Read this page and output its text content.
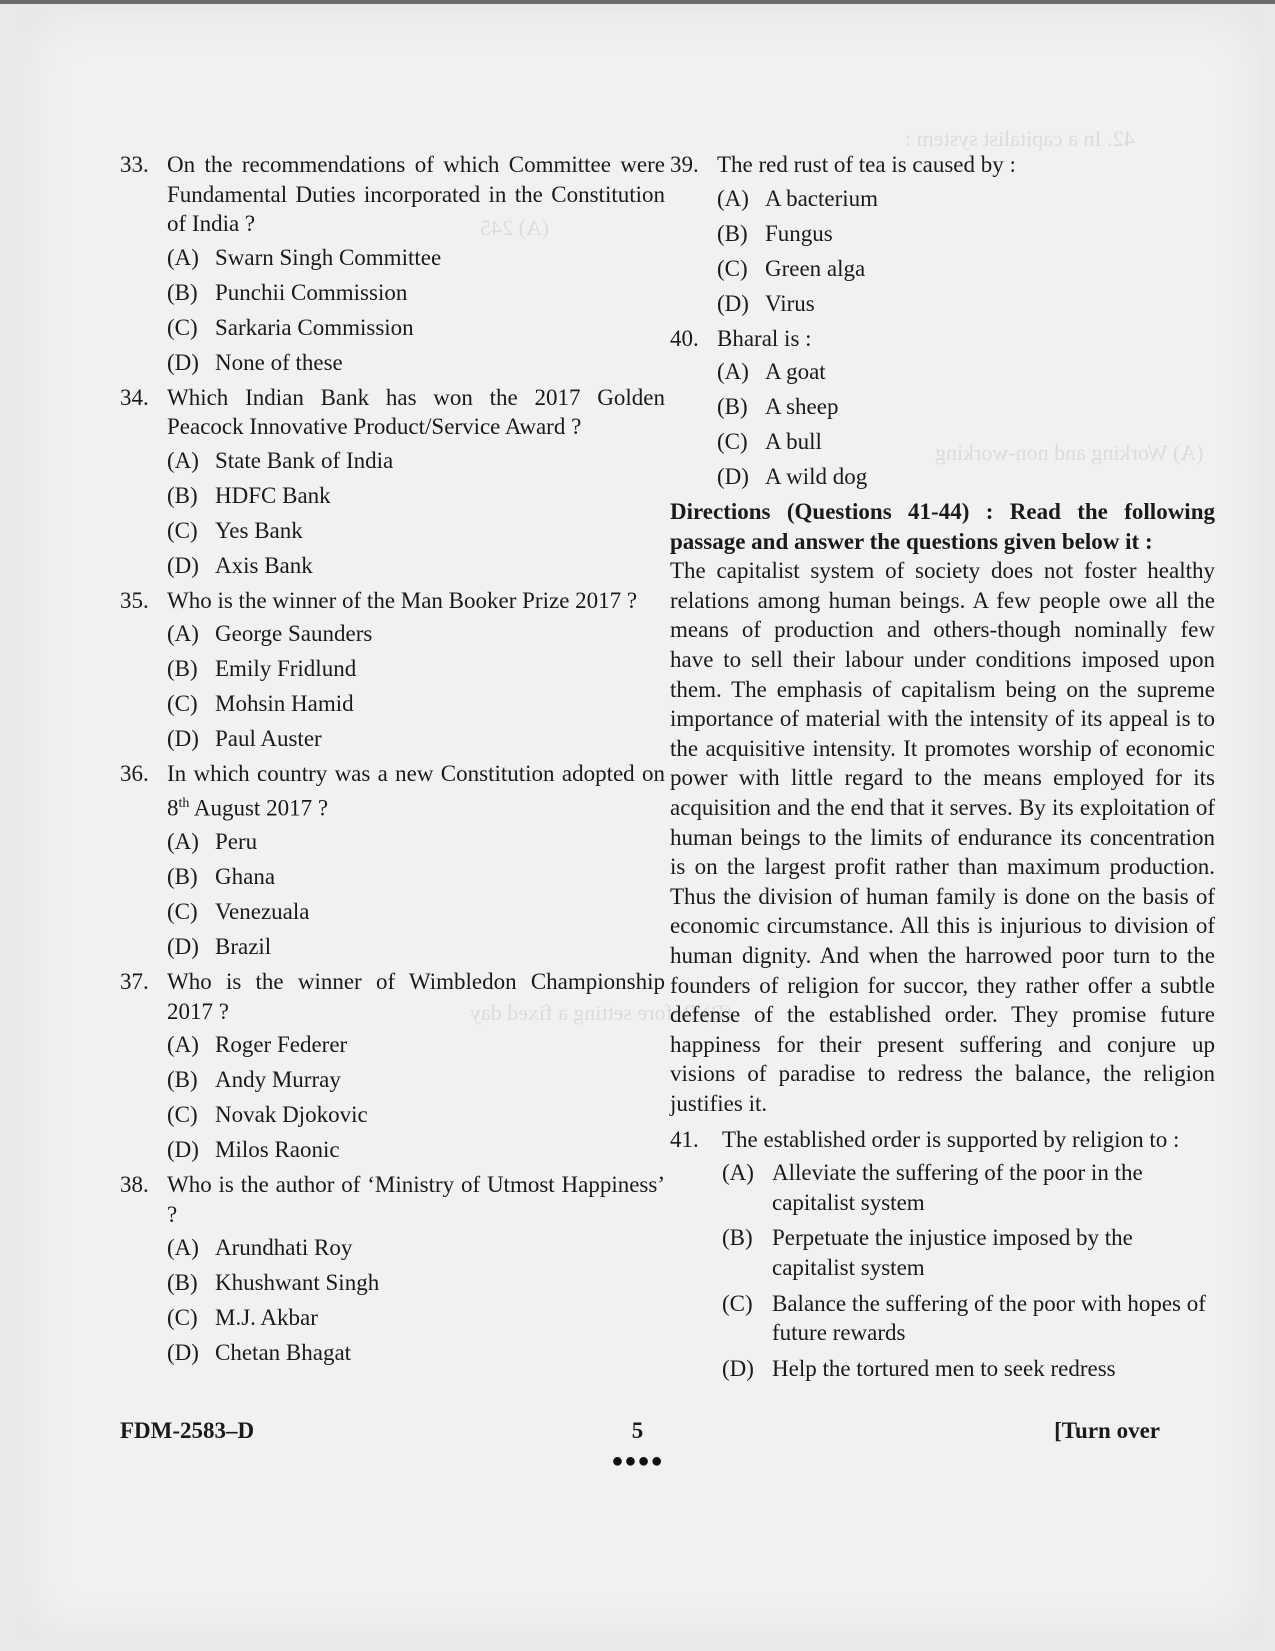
42. In a capitalist system :
(A) Working and non-working
(A) 245
(B) Before setting a fixed day
33. On the recommendations of which Committee were Fundamental Duties incorporated in the Constitution of India ?
(A) Swarn Singh Committee
(B) Punchii Commission
(C) Sarkaria Commission
(D) None of these
34. Which Indian Bank has won the 2017 Golden Peacock Innovative Product/Service Award ?
(A) State Bank of India
(B) HDFC Bank
(C) Yes Bank
(D) Axis Bank
35. Who is the winner of the Man Booker Prize 2017 ?
(A) George Saunders
(B) Emily Fridlund
(C) Mohsin Hamid
(D) Paul Auster
36. In which country was a new Constitution adopted on 8th August 2017 ?
(A) Peru
(B) Ghana
(C) Venezuala
(D) Brazil
37. Who is the winner of Wimbledon Championship 2017 ?
(A) Roger Federer
(B) Andy Murray
(C) Novak Djokovic
(D) Milos Raonic
38. Who is the author of ‘Ministry of Utmost Happiness’ ?
(A) Arundhati Roy
(B) Khushwant Singh
(C) M.J. Akbar
(D) Chetan Bhagat
39. The red rust of tea is caused by :
(A) A bacterium
(B) Fungus
(C) Green alga
(D) Virus
40. Bharal is :
(A) A goat
(B) A sheep
(C) A bull
(D) A wild dog

Directions (Questions 41-44) : Read the following passage and answer the questions given below it :

The capitalist system of society does not foster healthy relations among human beings. A few people owe all the means of production and others-though nominally few have to sell their labour under conditions imposed upon them. The emphasis of capitalism being on the supreme importance of material with the intensity of its appeal is to the acquisitive intensity. It promotes worship of economic power with little regard to the means employed for its acquisition and the end that it serves. By its exploitation of human beings to the limits of endurance its concentration is on the largest profit rather than maximum production. Thus the division of human family is done on the basis of economic circumstance. All this is injurious to division of human dignity. And when the harrowed poor turn to the founders of religion for succor, they rather offer a subtle defense of the established order. They promise future happiness for their present suffering and conjure up visions of paradise to redress the balance, the religion justifies it.

41.	The established order is supported by religion to :
(A) Alleviate the suffering of the poor in the capitalist system
(B) Perpetuate the injustice imposed by the capitalist system
(C) Balance the suffering of the poor with hopes of future rewards
(D) Help the tortured men to seek redress
FDM-2583–D	5
●●●●
[Turn over
